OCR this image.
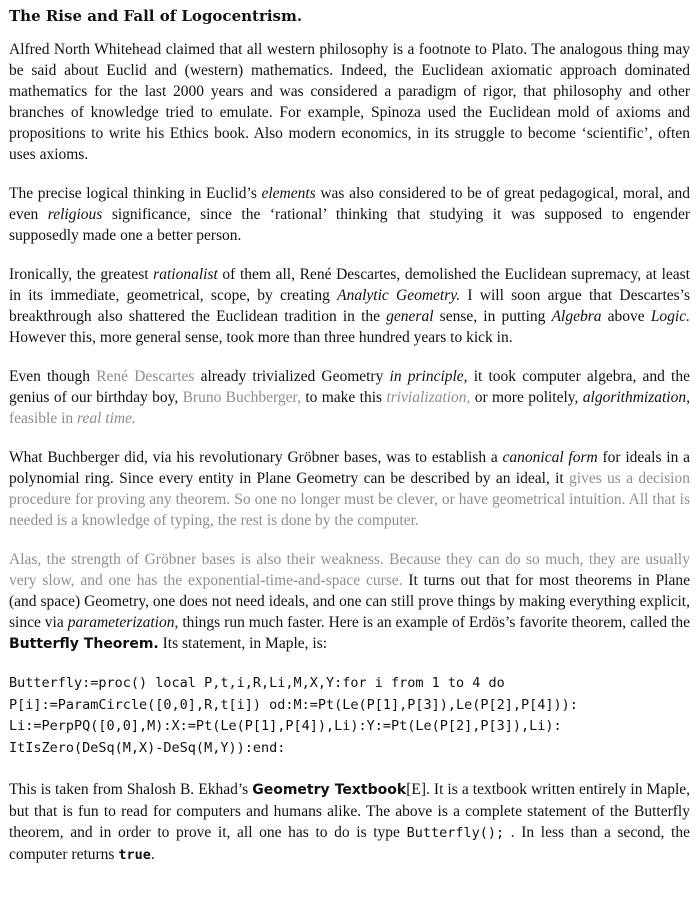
The Rise and Fall of Logocentrism.

Alfred North Whitehead claimed that all western philosophy is a footnote to Plato. The analogous thing may be said about Euclid and (western) mathematics. Indeed, the Euclidean axiomatic approach dominated mathematics for the last 2000 years and was considered a paradigm of rigor, that philosophy and other branches of knowledge tried to emulate. For example, Spinoza used the Euclidean mold of axioms and propositions to write his Ethics book. Also modern economics, in its struggle to become ‘scientific’, often uses axioms.

The precise logical thinking in Euclid’s elements was also considered to be of great pedagogical, moral, and even religious significance, since the ‘rational’ thinking that studying it was supposed to engender supposedly made one a better person.

Ironically, the greatest rationalist of them all, René Descartes, demolished the Euclidean supremacy, at least in its immediate, geometrical, scope, by creating Analytic Geometry. I will soon argue that Descartes’s breakthrough also shattered the Euclidean tradition in the general sense, in putting Algebra above Logic. However this, more general sense, took more than three hundred years to kick in.

Even though René Descartes already trivialized Geometry in principle, it took computer algebra, and the genius of our birthday boy, Bruno Buchberger, to make this trivialization, or more politely, algorithmization, feasible in real time.

What Buchberger did, via his revolutionary Gröbner bases, was to establish a canonical form for ideals in a polynomial ring. Since every entity in Plane Geometry can be described by an ideal, it gives us a decision procedure for proving any theorem. So one no longer must be clever, or have geometrical intuition. All that is needed is a knowledge of typing, the rest is done by the computer.

Alas, the strength of Gröbner bases is also their weakness. Because they can do so much, they are usually very slow, and one has the exponential-time-and-space curse. It turns out that for most theorems in Plane (and space) Geometry, one does not need ideals, and one can still prove things by making everything explicit, since via parameterization, things run much faster. Here is an example of Erdös’s favorite theorem, called the Butterfly Theorem. Its statement, in Maple, is:

Butterfly:=proc() local P,t,i,R,Li,M,X,Y:for i from 1 to 4 do
P[i]:=ParamCircle([0,0],R,t[i]) od:M:=Pt(Le(P[1],P[3]),Le(P[2],P[4])):
Li:=PerpPQ([0,0],M):X:=Pt(Le(P[1],P[4]),Li):Y:=Pt(Le(P[2],P[3]),Li):
ItIsZero(DeSq(M,X)-DeSq(M,Y)):end:

This is taken from Shalosh B. Ekhad’s Geometry Textbook[E]. It is a textbook written entirely in Maple, but that is fun to read for computers and humans alike. The above is a complete statement of the Butterfly theorem, and in order to prove it, all one has to do is type Butterfly(); . In less than a second, the computer returns true.
